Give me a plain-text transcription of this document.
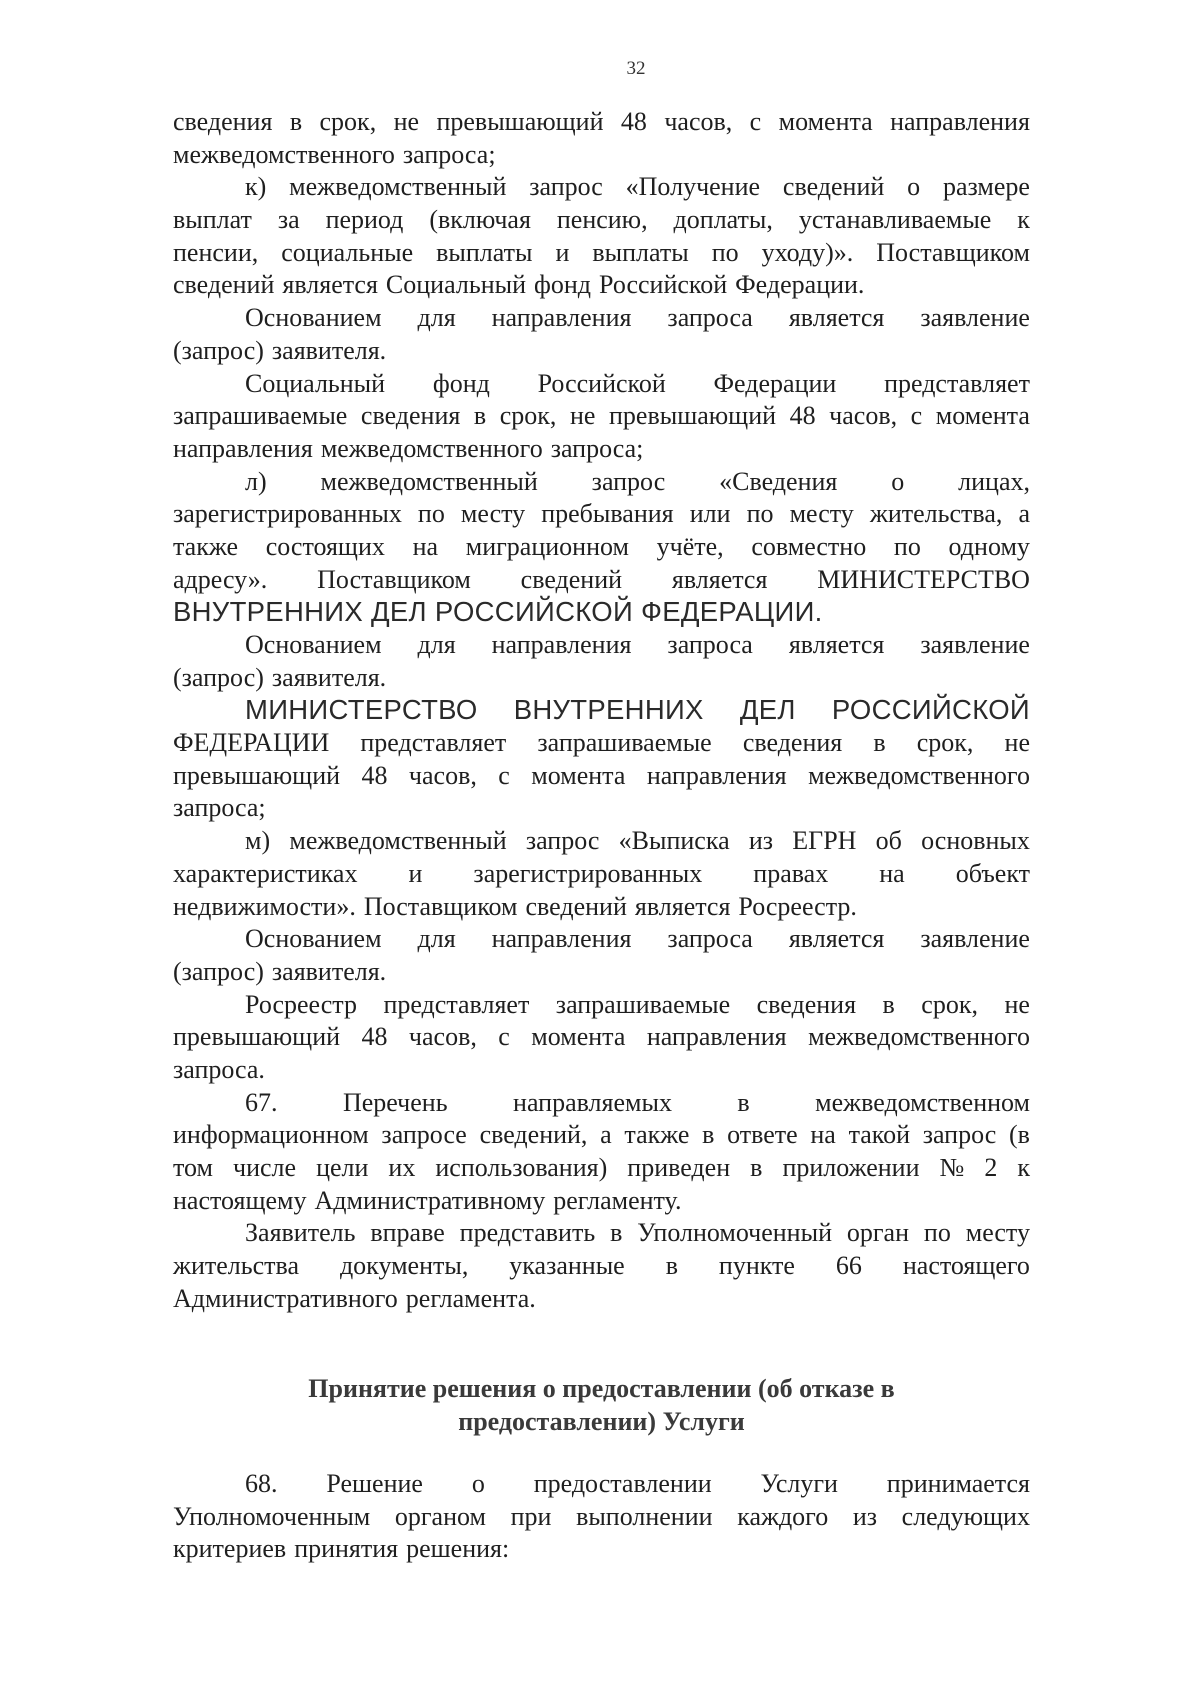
32
сведения в срок, не превышающий 48 часов, с момента направления
межведомственного запроса;
к) межведомственный запрос «Получение сведений о размере
выплат за период (включая пенсию, доплаты, устанавливаемые к
пенсии, социальные выплаты и выплаты по уходу)». Поставщиком
сведений является Социальный фонд Российской Федерации.
Основанием для направления запроса является заявление
(запрос) заявителя.
Социальный фонд Российской Федерации представляет
запрашиваемые сведения в срок, не превышающий 48 часов, с момента
направления межведомственного запроса;
л) межведомственный запрос «Сведения о лицах,
зарегистрированных по месту пребывания или по месту жительства, а
также состоящих на миграционном учёте, совместно по одному
адресу». Поставщиком сведений является МИНИСТЕРСТВО
ВНУТРЕННИХ ДЕЛ РОССИЙСКОЙ ФЕДЕРАЦИИ.
Основанием для направления запроса является заявление
(запрос) заявителя.
МИНИСТЕРСТВО ВНУТРЕННИХ ДЕЛ РОССИЙСКОЙ
ФЕДЕРАЦИИ представляет запрашиваемые сведения в срок, не
превышающий 48 часов, с момента направления межведомственного
запроса;
м) межведомственный запрос «Выписка из ЕГРН об основных
характеристиках и зарегистрированных правах на объект
недвижимости». Поставщиком сведений является Росреестр.
Основанием для направления запроса является заявление
(запрос) заявителя.
Росреестр представляет запрашиваемые сведения в срок, не
превышающий 48 часов, с момента направления межведомственного
запроса.
67.	Перечень	направляемых	в	межведомственном
информационном запросе сведений, а также в ответе на такой запрос (в
том числе цели их использования) приведен в приложении № 2 к
настоящему Административному регламенту.
Заявитель вправе представить в Уполномоченный орган по месту
жительства документы, указанные в пункте 66 настоящего
Административного регламента.
Принятие решения о предоставлении (об отказе в
предоставлении) Услуги
68. Решение о предоставлении Услуги принимается
Уполномоченным органом при выполнении каждого из следующих
критериев принятия решения:
